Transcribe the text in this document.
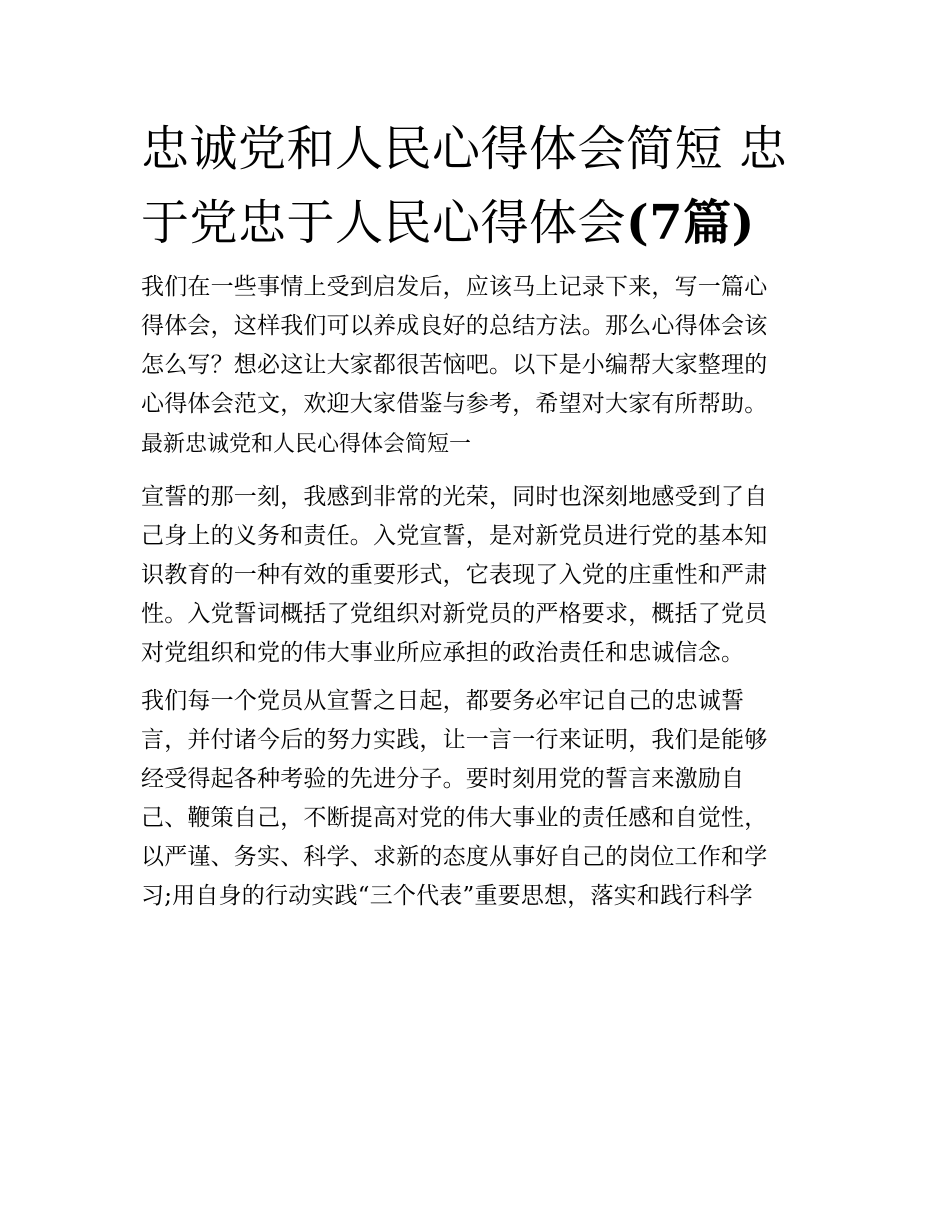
忠诚党和人民心得体会简短 忠
于党忠于人民心得体会(7篇)

我们在一些事情上受到启发后，应该马上记录下来，写一篇心
得体会，这样我们可以养成良好的总结方法。那么心得体会该
怎么写？想必这让大家都很苦恼吧。以下是小编帮大家整理的
心得体会范文，欢迎大家借鉴与参考，希望对大家有所帮助。

最新忠诚党和人民心得体会简短一

宣誓的那一刻，我感到非常的光荣，同时也深刻地感受到了自
己身上的义务和责任。入党宣誓，是对新党员进行党的基本知
识教育的一种有效的重要形式，它表现了入党的庄重性和严肃
性。入党誓词概括了党组织对新党员的严格要求，概括了党员
对党组织和党的伟大事业所应承担的政治责任和忠诚信念。

我们每一个党员从宣誓之日起，都要务必牢记自己的忠诚誓
言，并付诸今后的努力实践，让一言一行来证明，我们是能够
经受得起各种考验的先进分子。要时刻用党的誓言来激励自
己、鞭策自己，不断提高对党的伟大事业的责任感和自觉性，
以严谨、务实、科学、求新的态度从事好自己的岗位工作和学
习;用自身的行动实践“三个代表”重要思想，落实和践行科学
